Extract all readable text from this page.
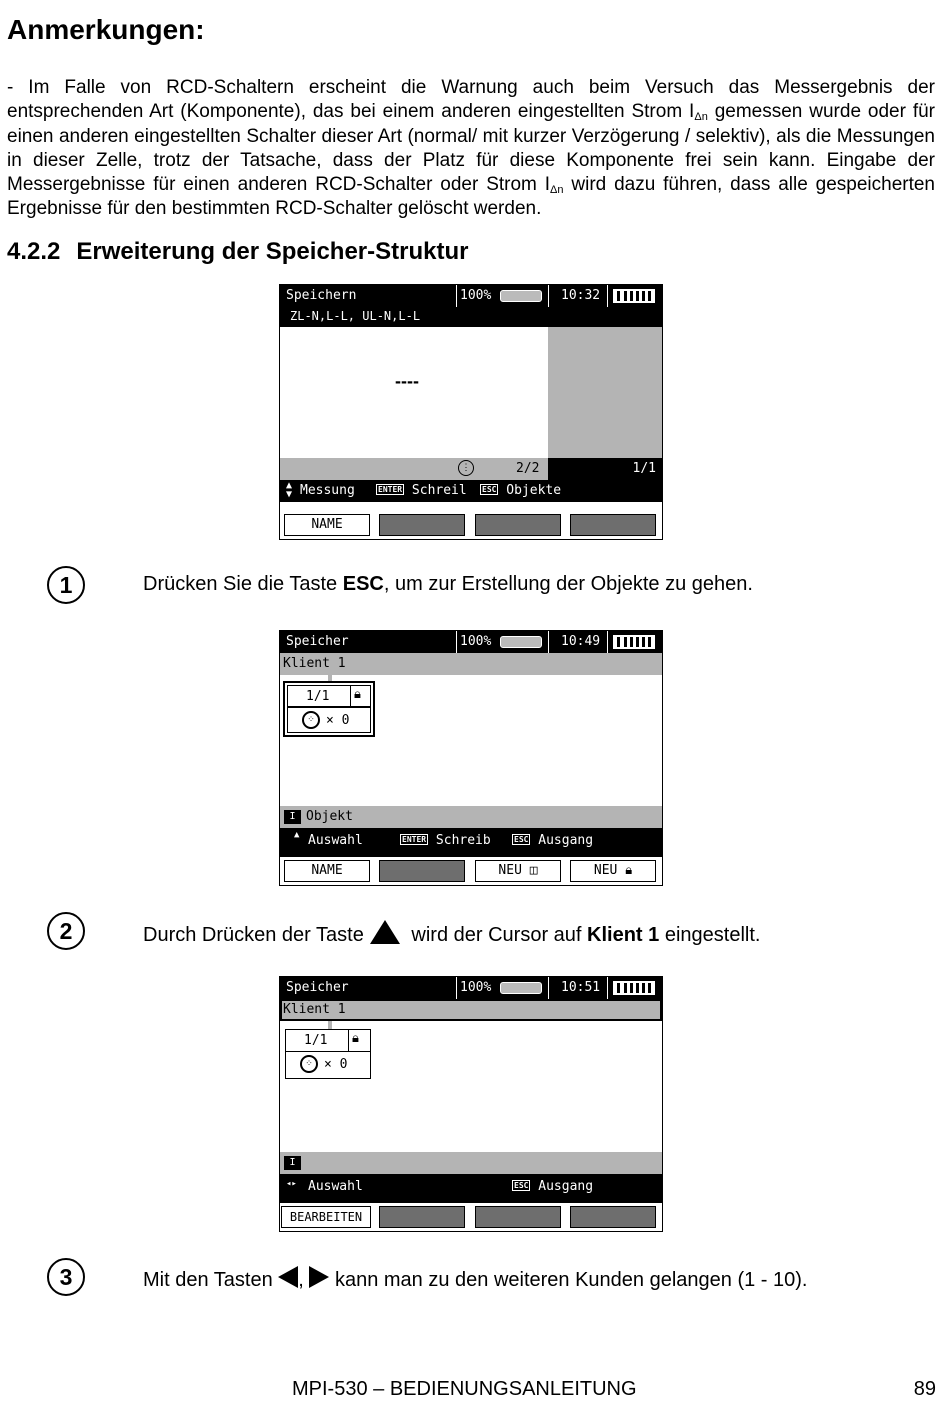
Anmerkungen:

- Im Falle von RCD-Schaltern erscheint die Warnung auch beim Versuch das Messergebnis der entsprechenden Art (Komponente), das bei einem anderen eingestellten Strom $I_{\Delta n}$ gemessen wurde oder für einen anderen eingestellten Schalter dieser Art (normal/ mit kurzer Verzögerung / selektiv), als die Messungen in dieser Zelle, trotz der Tatsache, dass der Platz für diese Komponente frei sein kann. Eingabe der Messergebnisse für einen anderen RCD-Schalter oder Strom $I_{\Delta n}$ wird dazu führen, dass alle gespeicherten Ergebnisse für den bestimmten RCD-Schalter gelöscht werden.

4.2.2 Erweiterung der Speicher-Struktur
Speichern	100%	10:32
ZL-N,L-L, UL-N,L-L
----
⋮	2/2	1/1
▲
▼ Messung	ENTER Schreil ESC Objekte
NAME
1	Drücken Sie die Taste ESC, um zur Erstellung der Objekte zu gehen.
Speicher	100%	10:49
Klient 1
1/1 🔒︎
⁘ × 0
I Objekt
▲ Auswahl	ENTER Schreib	ESC Ausgang
NAME	NEU ◫	NEU 🔒︎
2	Durch Drücken der Taste wird der Cursor auf Klient 1 eingestellt.
Speicher	100%	10:51
Klient 1
1/1 🔒︎
⁘ × 0
I
◂▸ Auswahl	ESC Ausgang
BEARBEITEN
3	Mit den Tasten ,  kann man zu den weiteren Kunden gelangen (1 - 10).
MPI-530 – BEDIENUNGSANLEITUNG	89
